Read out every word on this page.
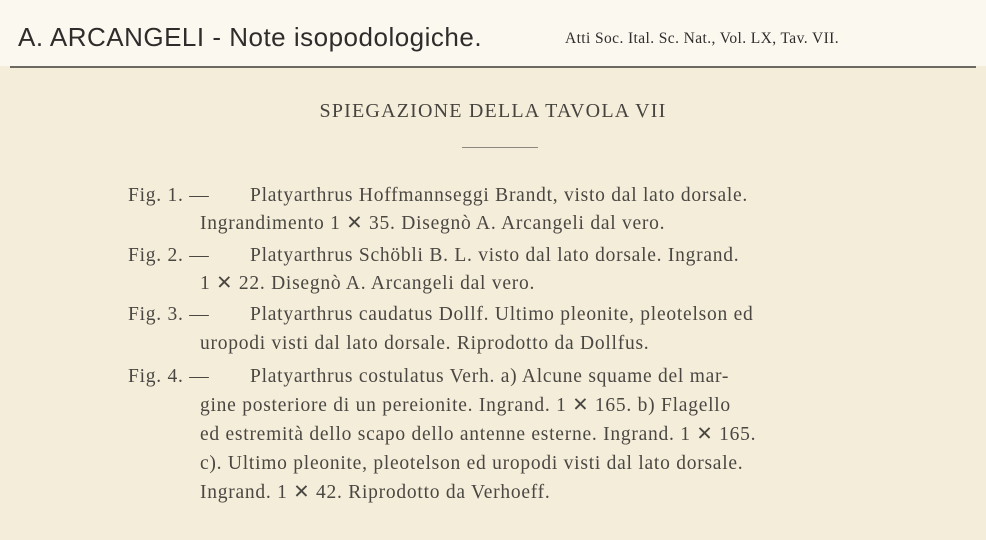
A. ARCANGELI - Note isopodologiche.	Atti Soc. Ital. Sc. Nat., Vol. LX, Tav. VII.
SPIEGAZIONE DELLA TAVOLA VII
Fig. 1. — Platyarthrus Hoffmannseggi Brandt, visto dal lato dorsale.
Ingrandimento 1 ✕ 35. Disegnò A. Arcangeli dal vero.
Fig. 2. — Platyarthrus Schöbli B. L. visto dal lato dorsale. Ingrand.
1 ✕ 22. Disegnò A. Arcangeli dal vero.
Fig. 3. — Platyarthrus caudatus Dollf. Ultimo pleonite, pleotelson ed
uropodi visti dal lato dorsale. Riprodotto da Dollfus.
Fig. 4. — Platyarthrus costulatus Verh. a) Alcune squame del mar-
gine posteriore di un pereionite. Ingrand. 1 ✕ 165. b) Flagello
ed estremità dello scapo dello antenne esterne. Ingrand. 1 ✕ 165.
c). Ultimo pleonite, pleotelson ed uropodi visti dal lato dorsale.
Ingrand. 1 ✕ 42. Riprodotto da Verhoeff.
